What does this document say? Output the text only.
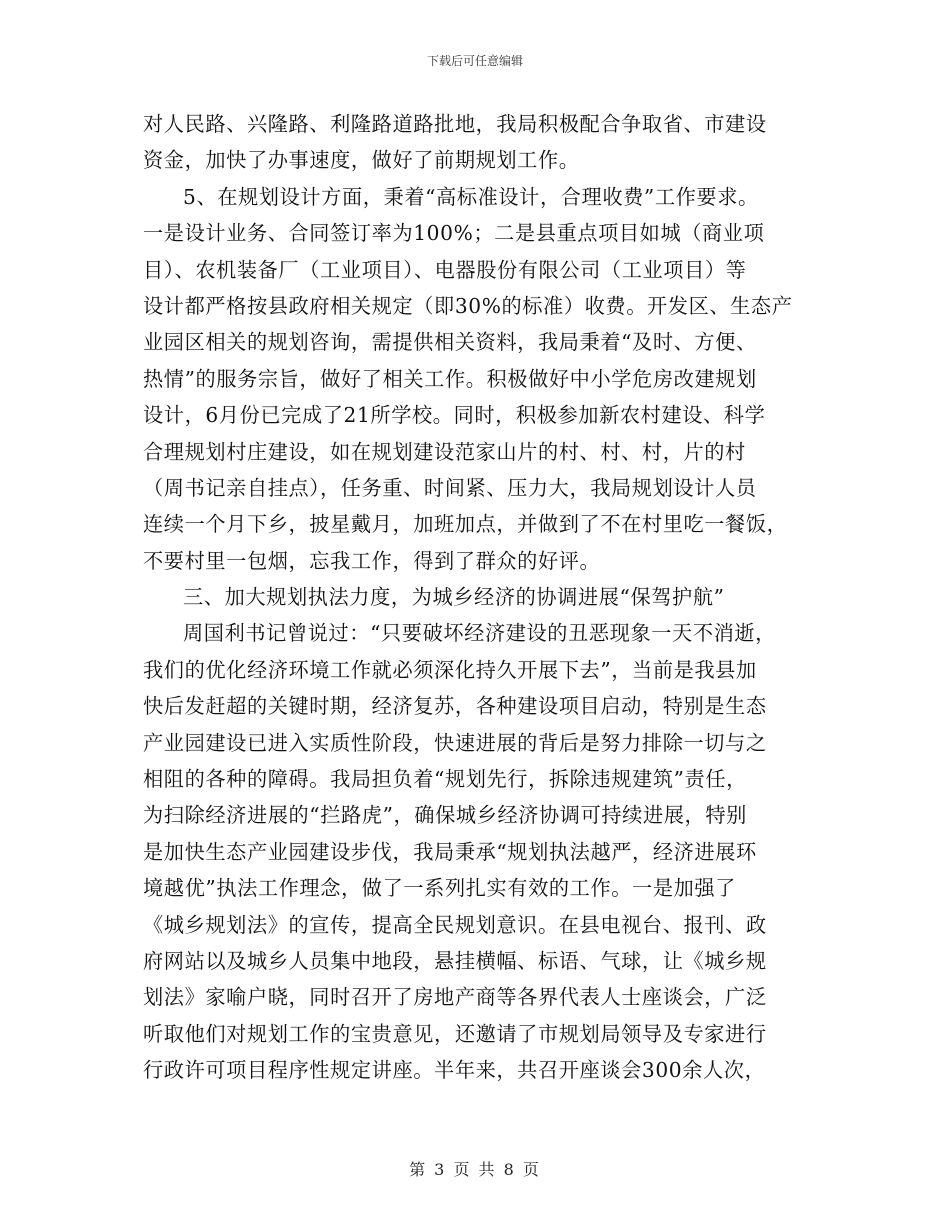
下载后可任意编辑
对人民路、兴隆路、利隆路道路批地，我局积极配合争取省、市建设
资金，加快了办事速度，做好了前期规划工作。
5、在规划设计方面，秉着“高标准设计，合理收费”工作要求。
一是设计业务、合同签订率为100%；二是县重点项目如城（商业项
目）、农机装备厂（工业项目）、电器股份有限公司（工业项目）等
设计都严格按县政府相关规定（即30%的标准）收费。开发区、生态产
业园区相关的规划咨询，需提供相关资料，我局秉着“及时、方便、
热情”的服务宗旨，做好了相关工作。积极做好中小学危房改建规划
设计，6月份已完成了21所学校。同时，积极参加新农村建设、科学
合理规划村庄建设，如在规划建设范家山片的村、村、村，片的村
（周书记亲自挂点），任务重、时间紧、压力大，我局规划设计人员
连续一个月下乡，披星戴月，加班加点，并做到了不在村里吃一餐饭，
不要村里一包烟，忘我工作，得到了群众的好评。
三、加大规划执法力度，为城乡经济的协调进展“保驾护航”
周国利书记曾说过：“只要破坏经济建设的丑恶现象一天不消逝，
我们的优化经济环境工作就必须深化持久开展下去”，当前是我县加
快后发赶超的关键时期，经济复苏，各种建设项目启动，特别是生态
产业园建设已进入实质性阶段，快速进展的背后是努力排除一切与之
相阻的各种的障碍。我局担负着“规划先行，拆除违规建筑”责任，
为扫除经济进展的“拦路虎”，确保城乡经济协调可持续进展，特别
是加快生态产业园建设步伐，我局秉承“规划执法越严，经济进展环
境越优”执法工作理念，做了一系列扎实有效的工作。一是加强了
《城乡规划法》的宣传，提高全民规划意识。在县电视台、报刊、政
府网站以及城乡人员集中地段，悬挂横幅、标语、气球，让《城乡规
划法》家喻户晓，同时召开了房地产商等各界代表人士座谈会，广泛
听取他们对规划工作的宝贵意见，还邀请了市规划局领导及专家进行
行政许可项目程序性规定讲座。半年来，共召开座谈会300余人次，
第 3 页 共 8 页
